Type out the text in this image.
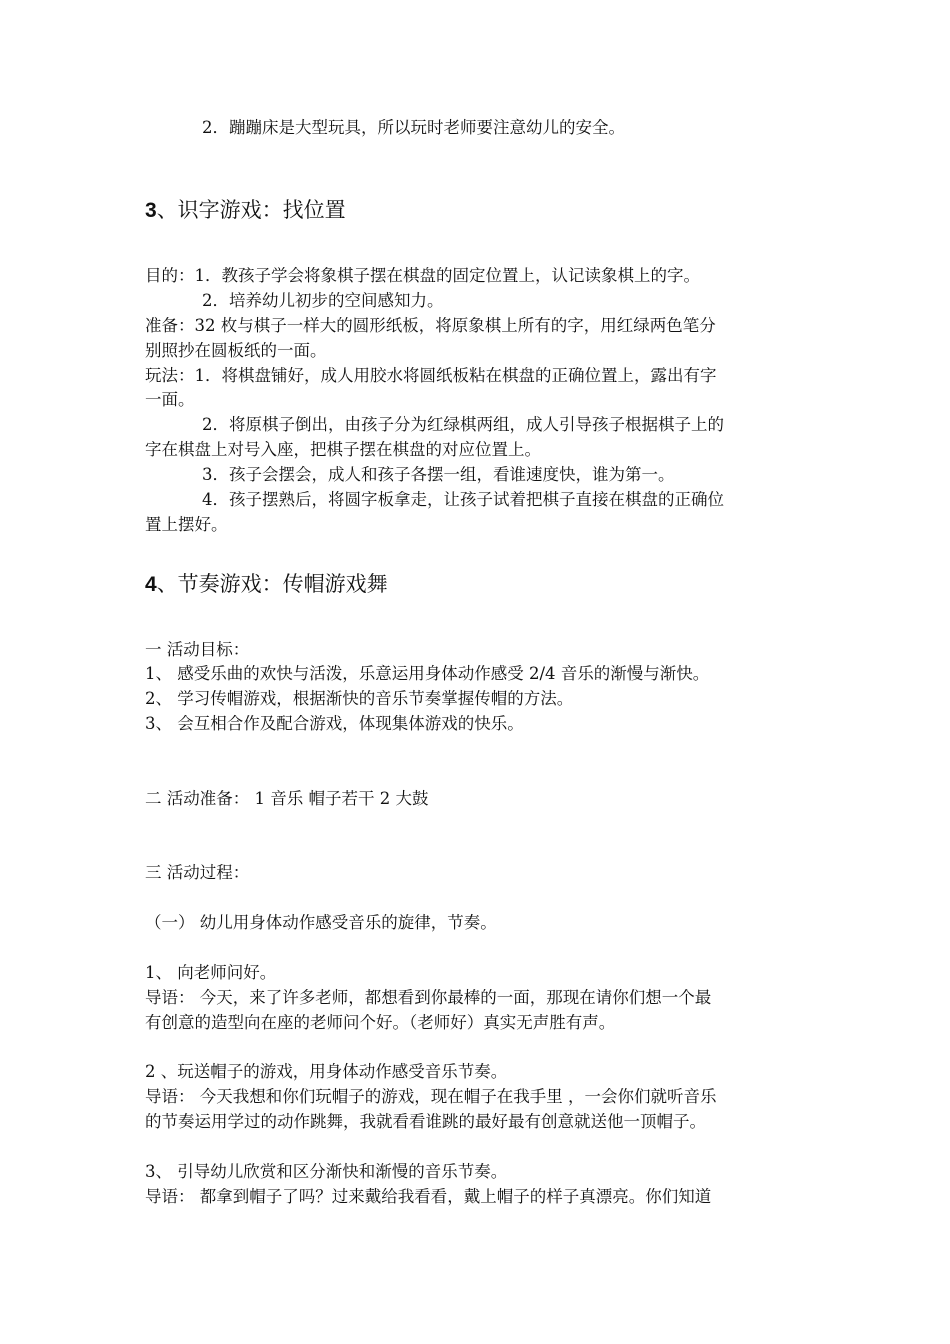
2．蹦蹦床是大型玩具，所以玩时老师要注意幼儿的安全。
3、识字游戏：找位置
目的：1．教孩子学会将象棋子摆在棋盘的固定位置上，认记读象棋上的字。
2．培养幼儿初步的空间感知力。
准备：32 枚与棋子一样大的圆形纸板，将原象棋上所有的字，用红绿两色笔分
别照抄在圆板纸的一面。
玩法：1．将棋盘铺好，成人用胶水将圆纸板粘在棋盘的正确位置上，露出有字
一面。
2．将原棋子倒出，由孩子分为红绿棋两组，成人引导孩子根据棋子上的
字在棋盘上对号入座，把棋子摆在棋盘的对应位置上。
3．孩子会摆会，成人和孩子各摆一组，看谁速度快，谁为第一。
4．孩子摆熟后，将圆字板拿走，让孩子试着把棋子直接在棋盘的正确位
置上摆好。
4、节奏游戏：传帽游戏舞
一 活动目标：
1、 感受乐曲的欢快与活泼，乐意运用身体动作感受 2/4 音乐的渐慢与渐快。
2、 学习传帽游戏，根据渐快的音乐节奏掌握传帽的方法。
3、 会互相合作及配合游戏，体现集体游戏的快乐。
二 活动准备： 1 音乐 帽子若干 2 大鼓
三 活动过程：
（一） 幼儿用身体动作感受音乐的旋律，节奏。
1、 向老师问好。
导语： 今天，来了许多老师，都想看到你最棒的一面，那现在请你们想一个最
有创意的造型向在座的老师问个好。（老师好）真实无声胜有声。
2 、玩送帽子的游戏，用身体动作感受音乐节奏。
导语： 今天我想和你们玩帽子的游戏，现在帽子在我手里 ，一会你们就听音乐
的节奏运用学过的动作跳舞，我就看看谁跳的最好最有创意就送他一顶帽子。
3、 引导幼儿欣赏和区分渐快和渐慢的音乐节奏。
导语： 都拿到帽子了吗？过来戴给我看看，戴上帽子的样子真漂亮。你们知道
